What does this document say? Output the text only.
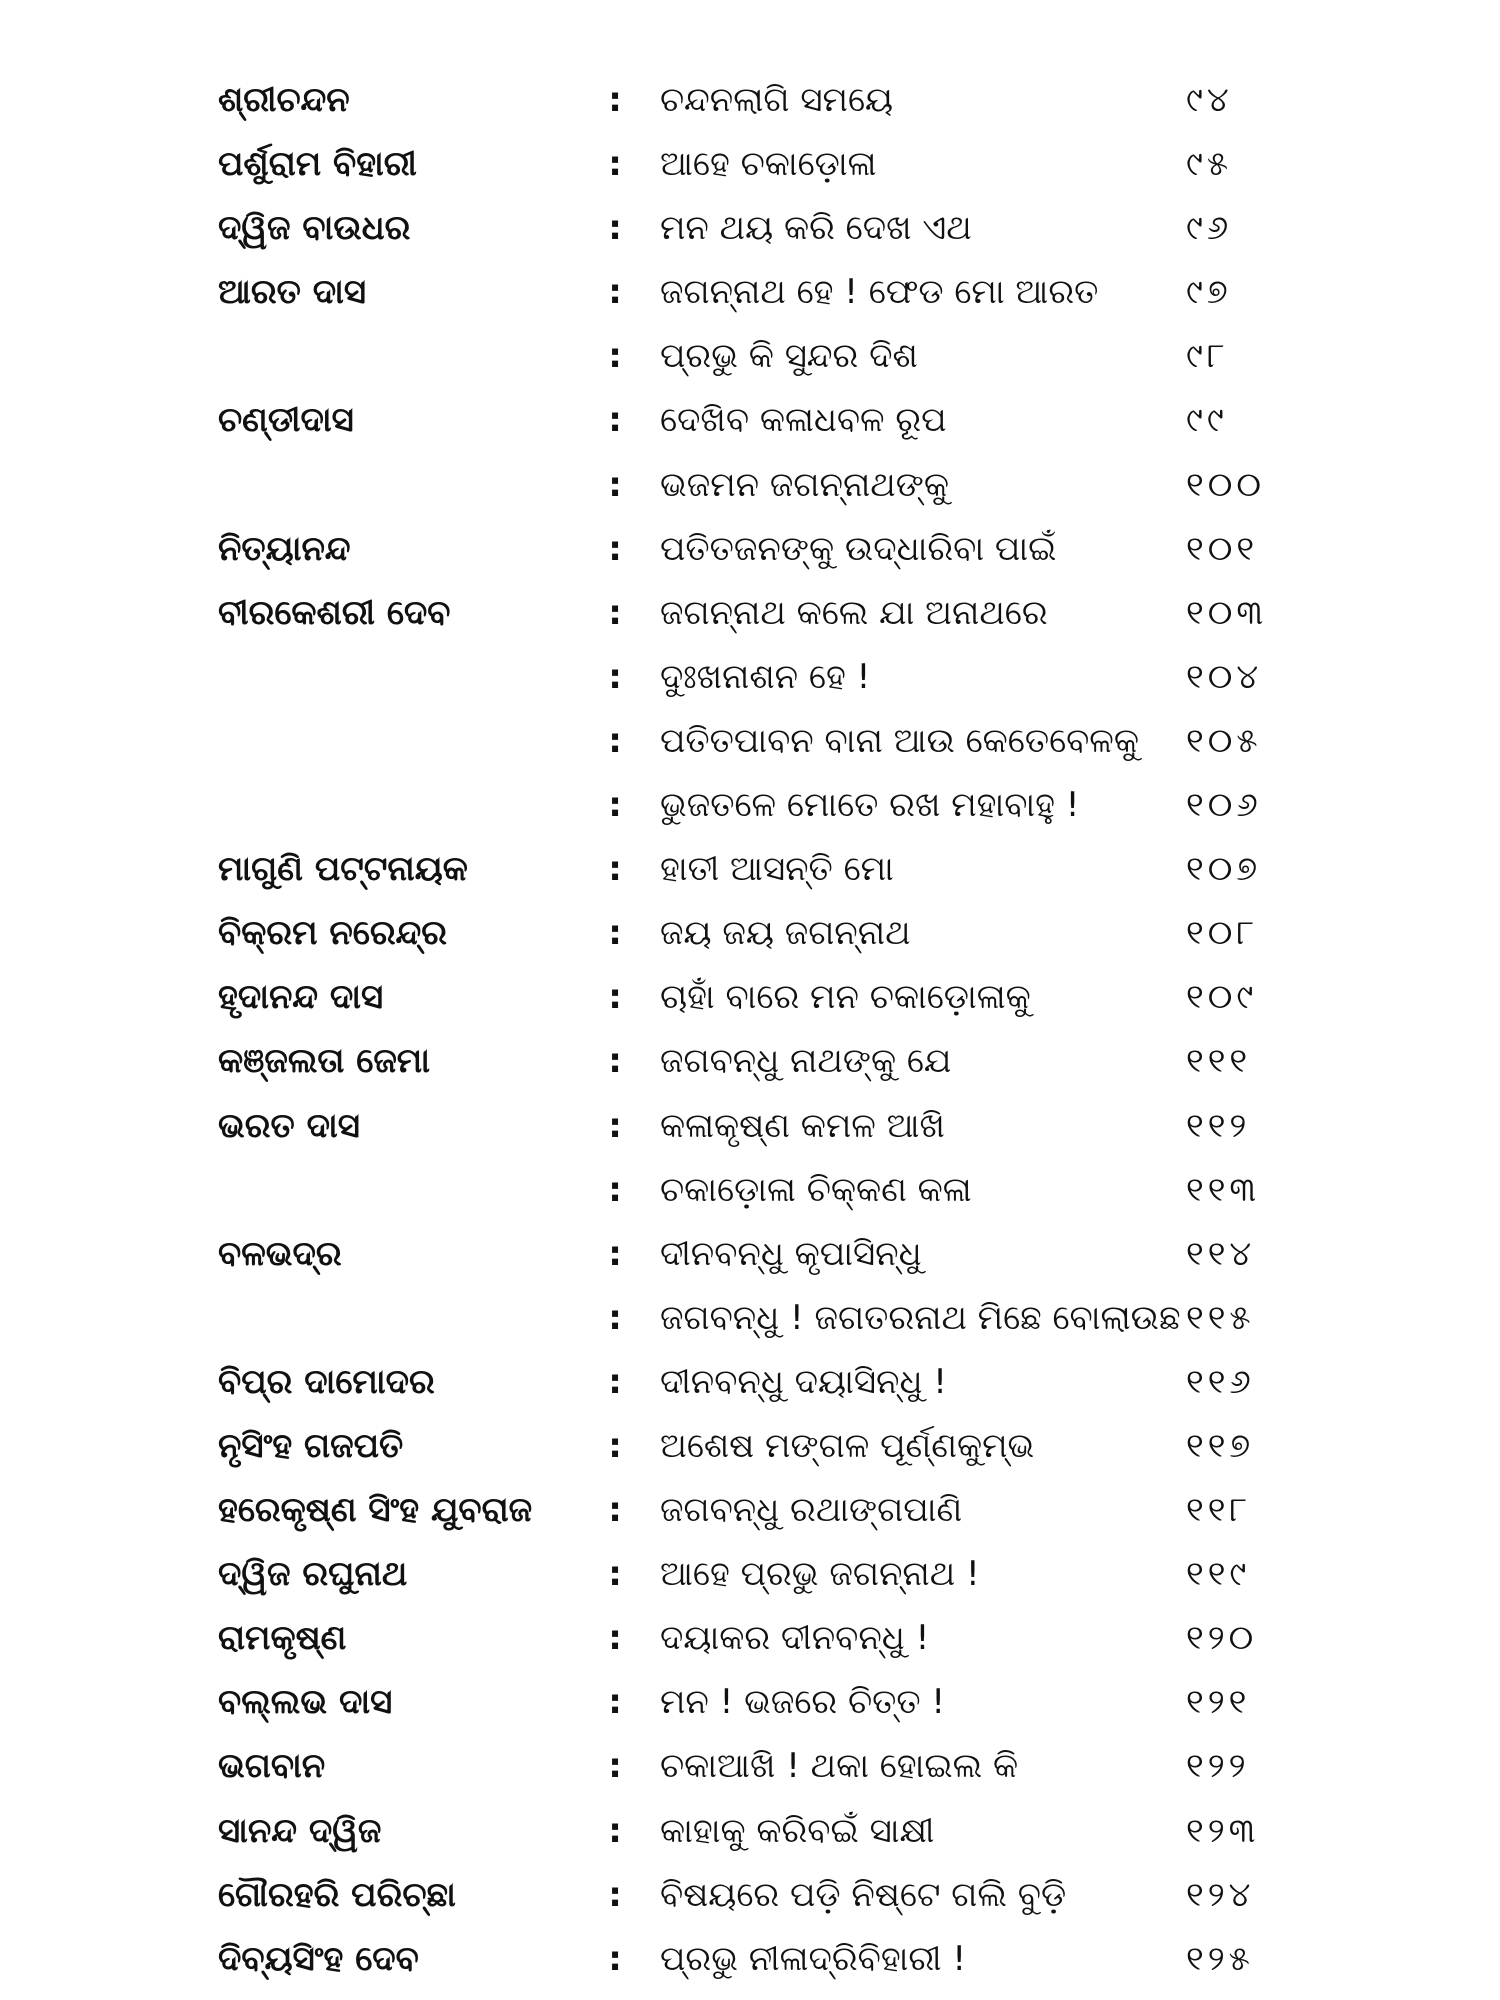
ଶ୍ରୀଚନ୍ଦନ	: ଚନ୍ଦନଲାଗି ସମୟେ	୯୪
ପର୍ଶୁରାମ ବିହାରୀ	: ଆହେ ଚକାଡ଼ୋଳା	୯୫
ଦ୍ୱିଜ ବାଉଧର	: ମନ ଥୟ କରି ଦେଖ ଏଥ	୯୬
ଆରତ ଦାସ	: ଜଗନ୍ନାଥ ହେ ! ଫେଡ ମୋ ଆରତ	୯୭
: ପ୍ରଭୁ କି ସୁନ୍ଦର ଦିଶ	୯୮
ଚଣ୍ଡୀଦାସ	: ଦେଖିବ କଳାଧବଳ ରୂପ	୯୯
: ଭଜମନ ଜଗନ୍ନାଥଙ୍କୁ	୧୦୦
ନିତ୍ୟାନନ୍ଦ	: ପତିତଜନଙ୍କୁ ଉଦ୍ଧାରିବା ପାଇଁ	୧୦୧
ବୀରକେଶରୀ ଦେବ	: ଜଗନ୍ନାଥ କଲେ ଯା ଅନାଥରେ	୧୦୩
: ଦୁଃଖନାଶନ ହେ !	୧୦୪
: ପତିତପାବନ ବାନା ଆଉ କେତେବେଳକୁ	୧୦୫
: ଭୁଜତଳେ ମୋତେ ରଖ ମହାବାହୁ !	୧୦୬
ମାଗୁଣି ପଟ୍ଟନାୟକ	: ହାତୀ ଆସନ୍ତି ମୋ	୧୦୭
ବିକ୍ରମ ନରେନ୍ଦ୍ର	: ଜୟ ଜୟ ଜଗନ୍ନାଥ	୧୦୮
ହୃଦାନନ୍ଦ ଦାସ	: ଚାହାଁ ବାରେ ମନ ଚକାଡ଼ୋଳାକୁ	୧୦୯
କଞ୍ଜଲତା ଜେମା	: ଜଗବନ୍ଧୁ ନାଥଙ୍କୁ ଯେ	୧୧୧
ଭରତ ଦାସ	: କଳାକୃଷ୍ଣ କମଳ ଆଖି	୧୧୨
: ଚକାଡ଼ୋଳା ଚିକ୍କଣ କଳା	୧୧୩
ବଳଭଦ୍ର	: ଦୀନବନ୍ଧୁ କୃପାସିନ୍ଧୁ	୧୧୪
: ଜଗବନ୍ଧୁ ! ଜଗତରନାଥ ମିଛେ ବୋଲାଉଛ ୧୧୫
ବିପ୍ର ଦାମୋଦର	: ଦୀନବନ୍ଧୁ ଦୟାସିନ୍ଧୁ !	୧୧୬
ନୃସିଂହ ଗଜପତି	: ଅଶେଷ ମଙ୍ଗଳ ପୂର୍ଣ୍ଣକୁମ୍ଭ	୧୧୭
ହରେକୃଷ୍ଣ ସିଂହ ଯୁବରାଜ	: ଜଗବନ୍ଧୁ ରଥାଙ୍ଗପାଣି	୧୧୮
ଦ୍ୱିଜ ରଘୁନାଥ	: ଆହେ ପ୍ରଭୁ ଜଗନ୍ନାଥ !	୧୧୯
ରାମକୃଷ୍ଣ	: ଦୟାକର ଦୀନବନ୍ଧୁ !	୧୨୦
ବଲ୍ଲଭ ଦାସ	: ମନ ! ଭଜରେ ଚିତ୍ତ !	୧୨୧
ଭଗବାନ	: ଚକାଆଖି ! ଥକା ହୋଇଲ କି	୧୨୨
ସାନନ୍ଦ ଦ୍ୱିଜ	: କାହାକୁ କରିବଇଁ ସାକ୍ଷୀ	୧୨୩
ଗୌରହରି ପରିଚ୍ଛା	: ବିଷୟରେ ପଡ଼ି ନିଷ୍ଟେ ଗଲି ବୁଡ଼ି	୧୨୪
ଦିବ୍ୟସିଂହ ଦେବ	: ପ୍ରଭୁ ନୀଳାଦ୍ରିବିହାରୀ !	୧୨୫
